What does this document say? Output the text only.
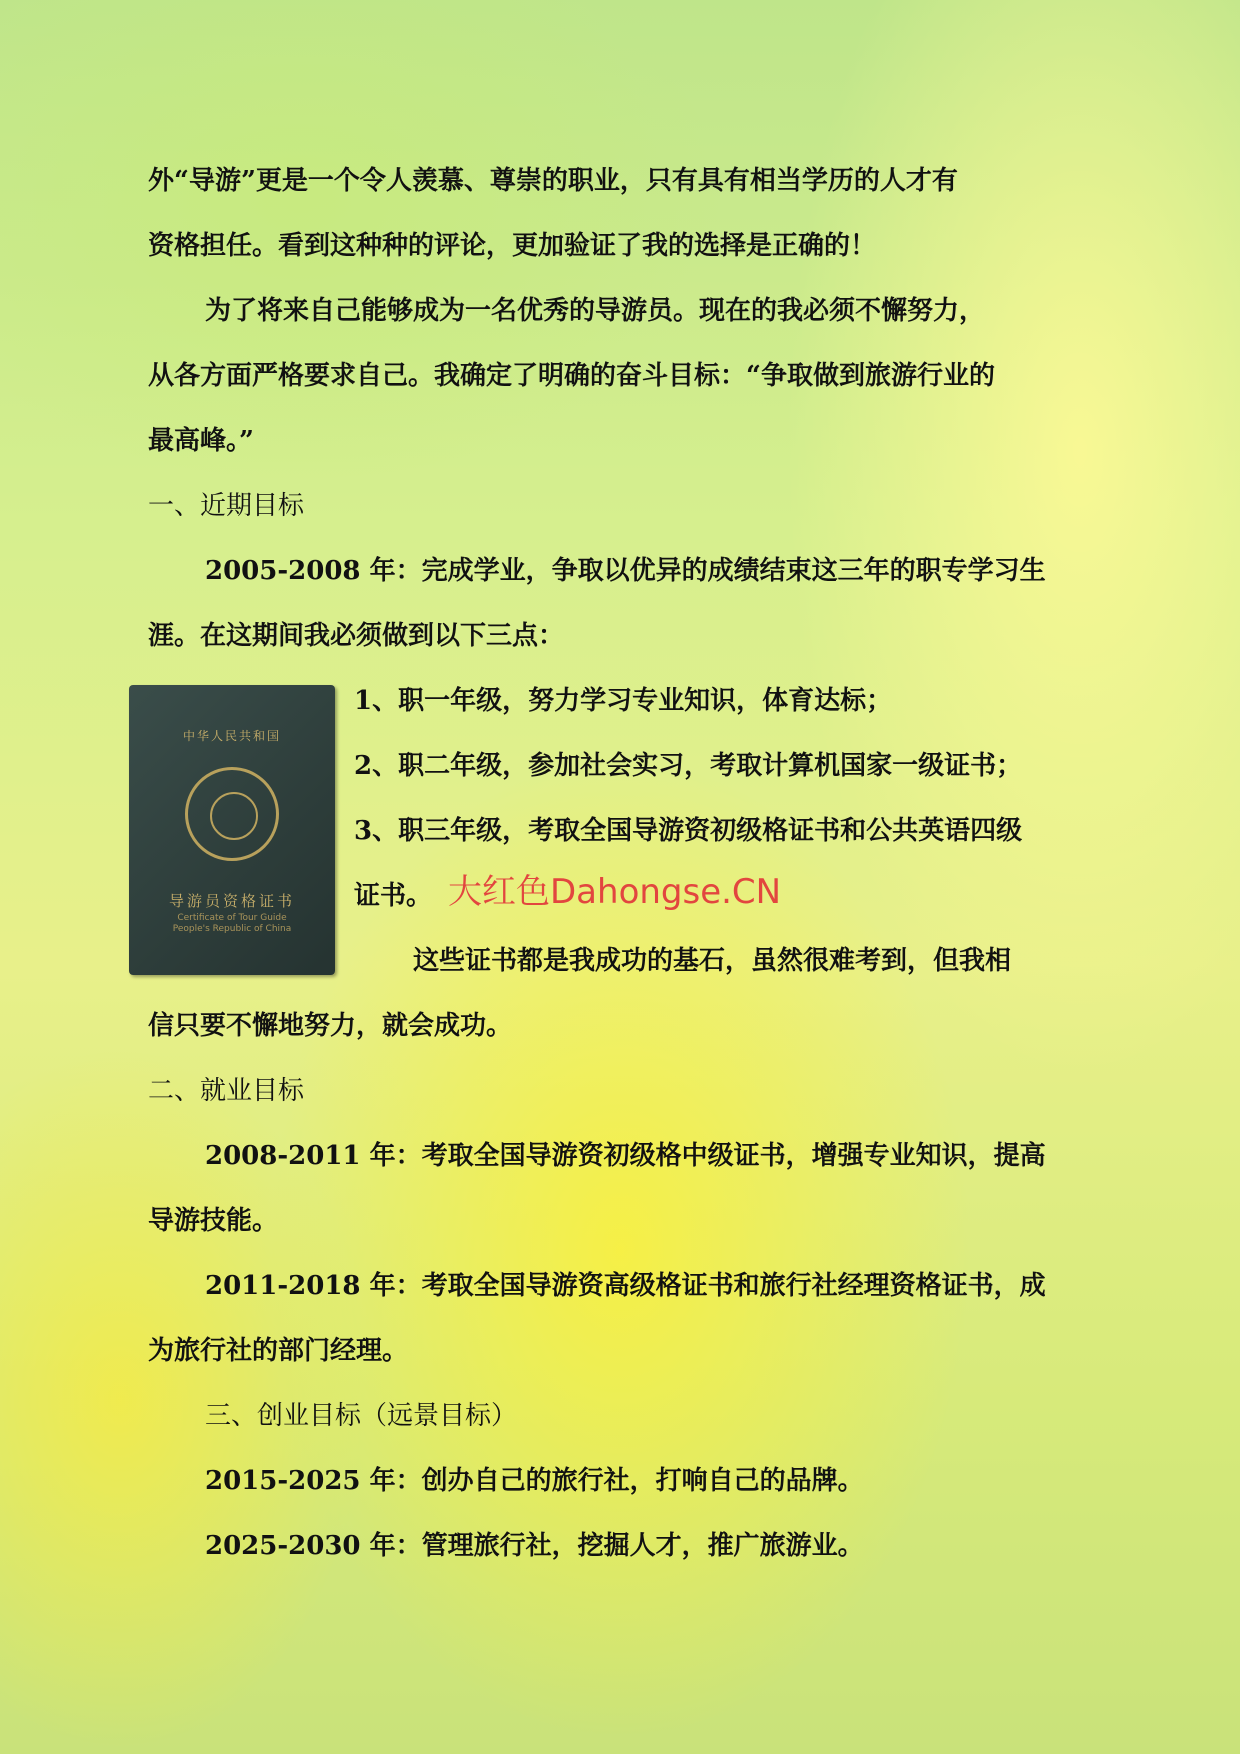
外“导游”更是一个令人羡慕、尊崇的职业，只有具有相当学历的人才有
资格担任。看到这种种的评论，更加验证了我的选择是正确的！
为了将来自己能够成为一名优秀的导游员。现在的我必须不懈努力，
从各方面严格要求自己。我确定了明确的奋斗目标：“争取做到旅游行业的
最高峰。”
一、近期目标
2005-2008 年：完成学业，争取以优异的成绩结束这三年的职专学习生
涯。在这期间我必须做到以下三点：
中华人民共和国
导游员资格证书
Certificate of Tour Guide
People's Republic of China
1、职一年级，努力学习专业知识，体育达标；
2、职二年级，参加社会实习，考取计算机国家一级证书；
3、职三年级，考取全国导游资初级格证书和公共英语四级
证书。 大红色Dahongse.CN
这些证书都是我成功的基石，虽然很难考到，但我相
信只要不懈地努力，就会成功。
二、就业目标
2008-2011 年：考取全国导游资初级格中级证书，增强专业知识，提高
导游技能。
2011-2018 年：考取全国导游资高级格证书和旅行社经理资格证书，成
为旅行社的部门经理。
三、创业目标（远景目标）
2015-2025 年：创办自己的旅行社，打响自己的品牌。
2025-2030 年：管理旅行社，挖掘人才，推广旅游业。
